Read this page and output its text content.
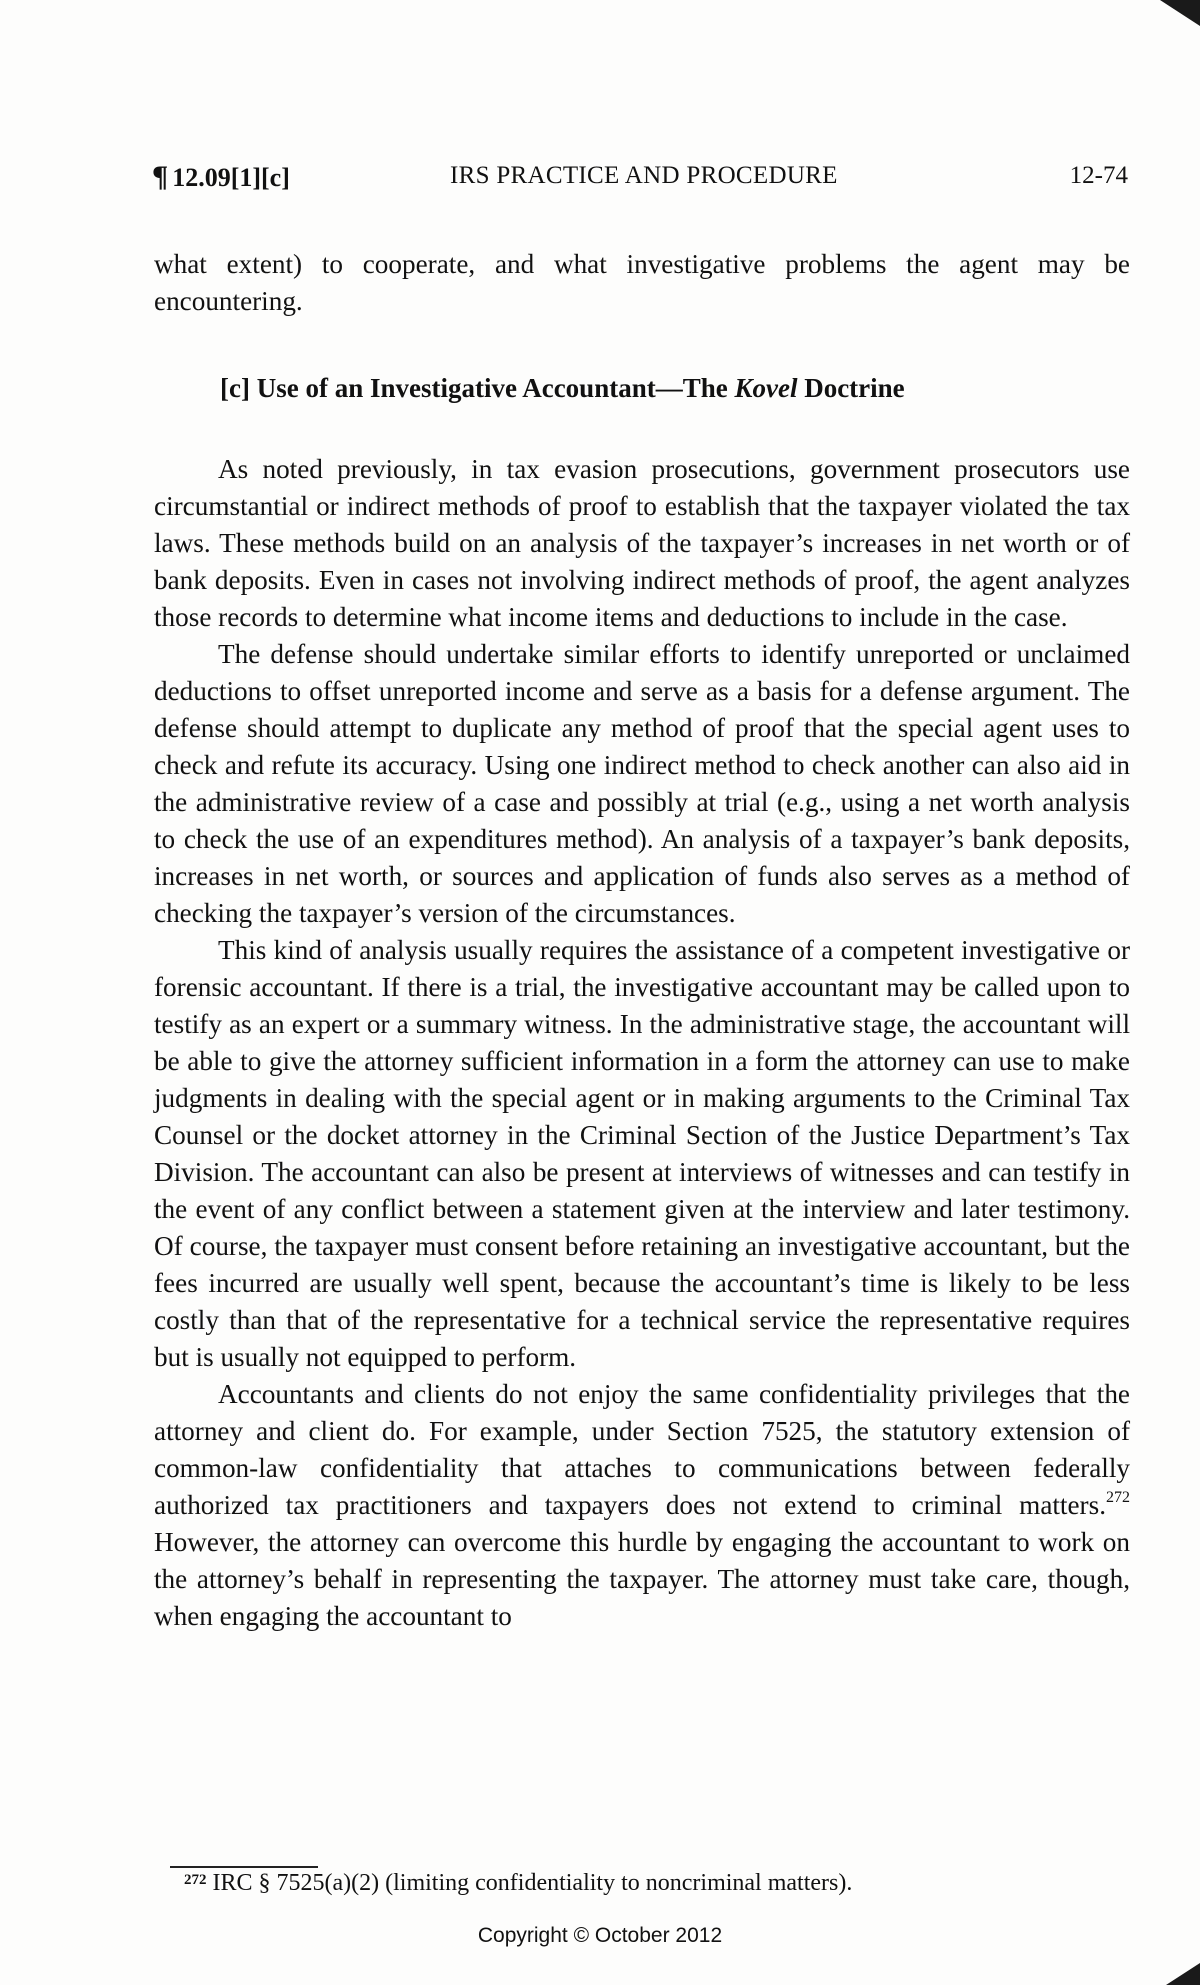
¶ 12.09[1][c]	IRS PRACTICE AND PROCEDURE	12-74

what extent) to cooperate, and what investigative problems the agent may be encountering.

[c] Use of an Investigative Accountant—The Kovel Doctrine

As noted previously, in tax evasion prosecutions, government prosecutors use circumstantial or indirect methods of proof to establish that the taxpayer violated the tax laws. These methods build on an analysis of the taxpayer’s increases in net worth or of bank deposits. Even in cases not involving indirect methods of proof, the agent analyzes those records to determine what income items and deductions to include in the case.

The defense should undertake similar efforts to identify unreported or unclaimed deductions to offset unreported income and serve as a basis for a defense argument. The defense should attempt to duplicate any method of proof that the special agent uses to check and refute its accuracy. Using one indirect method to check another can also aid in the administrative review of a case and possibly at trial (e.g., using a net worth analysis to check the use of an expenditures method). An analysis of a taxpayer’s bank deposits, increases in net worth, or sources and application of funds also serves as a method of checking the taxpayer’s version of the circumstances.

This kind of analysis usually requires the assistance of a competent investigative or forensic accountant. If there is a trial, the investigative accountant may be called upon to testify as an expert or a summary witness. In the administrative stage, the accountant will be able to give the attorney sufficient information in a form the attorney can use to make judgments in dealing with the special agent or in making arguments to the Criminal Tax Counsel or the docket attorney in the Criminal Section of the Justice Department’s Tax Division. The accountant can also be present at interviews of witnesses and can testify in the event of any conflict between a statement given at the interview and later testimony. Of course, the taxpayer must consent before retaining an investigative accountant, but the fees incurred are usually well spent, because the accountant’s time is likely to be less costly than that of the representative for a technical service the representative requires but is usually not equipped to perform.

Accountants and clients do not enjoy the same confidentiality privileges that the attorney and client do. For example, under Section 7525, the statutory extension of common-law confidentiality that attaches to communications between federally authorized tax practitioners and taxpayers does not extend to criminal matters.$^{272}$ However, the attorney can overcome this hurdle by engaging the accountant to work on the attorney’s behalf in representing the taxpayer. The attorney must take care, though, when engaging the accountant to

$^{272}$ IRC § 7525(a)(2) (limiting confidentiality to noncriminal matters).
Copyright © October 2012
